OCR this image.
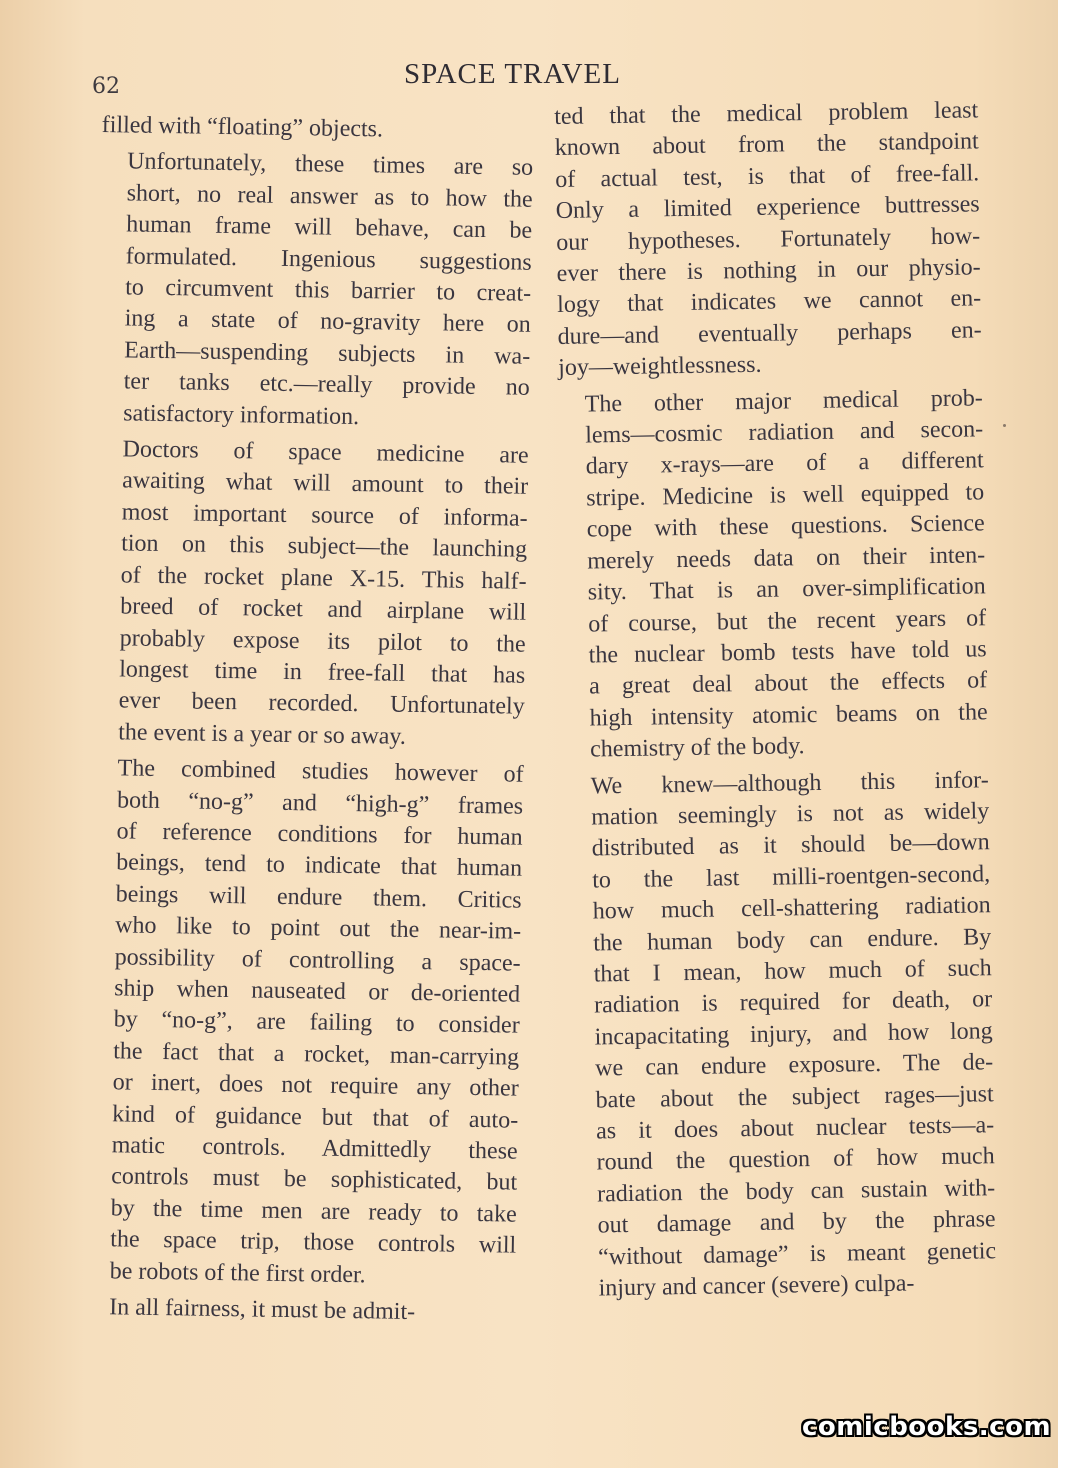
62	SPACE TRAVEL

filled with “floating” objects.

Unfortunately, these times are so
short, no real answer as to how the
human frame will behave, can be
formulated. Ingenious suggestions
to circumvent this barrier to creat-
ing a state of no-gravity here on
Earth—suspending subjects in wa-
ter tanks etc.—really provide no
satisfactory information.

Doctors of space medicine are
awaiting what will amount to their
most important source of informa-
tion on this subject—the launching
of the rocket plane X-15. This half-
breed of rocket and airplane will
probably expose its pilot to the
longest time in free-fall that has
ever been recorded. Unfortunately
the event is a year or so away.

The combined studies however of
both “no-g” and “high-g” frames
of reference conditions for human
beings, tend to indicate that human
beings will endure them. Critics
who like to point out the near-im-
possibility of controlling a space-
ship when nauseated or de-oriented
by “no-g”, are failing to consider
the fact that a rocket, man-carrying
or inert, does not require any other
kind of guidance but that of auto-
matic controls. Admittedly these
controls must be sophisticated, but
by the time men are ready to take
the space trip, those controls will
be robots of the first order.

In all fairness, it must be admit-

ted that the medical problem least
known about from the standpoint
of actual test, is that of free-fall.
Only a limited experience buttresses
our hypotheses. Fortunately how-
ever there is nothing in our physio-
logy that indicates we cannot en-
dure—and eventually perhaps en-
joy—weightlessness.

The other major medical prob-
lems—cosmic radiation and secon-
dary x-rays—are of a different
stripe. Medicine is well equipped to
cope with these questions. Science
merely needs data on their inten-
sity. That is an over-simplification
of course, but the recent years of
the nuclear bomb tests have told us
a great deal about the effects of
high intensity atomic beams on the
chemistry of the body.

We knew—although this infor-
mation seemingly is not as widely
distributed as it should be—down
to the last milli-roentgen-second,
how much cell-shattering radiation
the human body can endure. By
that I mean, how much of such
radiation is required for death, or
incapacitating injury, and how long
we can endure exposure. The de-
bate about the subject rages—just
as it does about nuclear tests—a-
round the question of how much
radiation the body can sustain with-
out damage and by the phrase
“without damage” is meant genetic
injury and cancer (severe) culpa-

comicbooks.com
